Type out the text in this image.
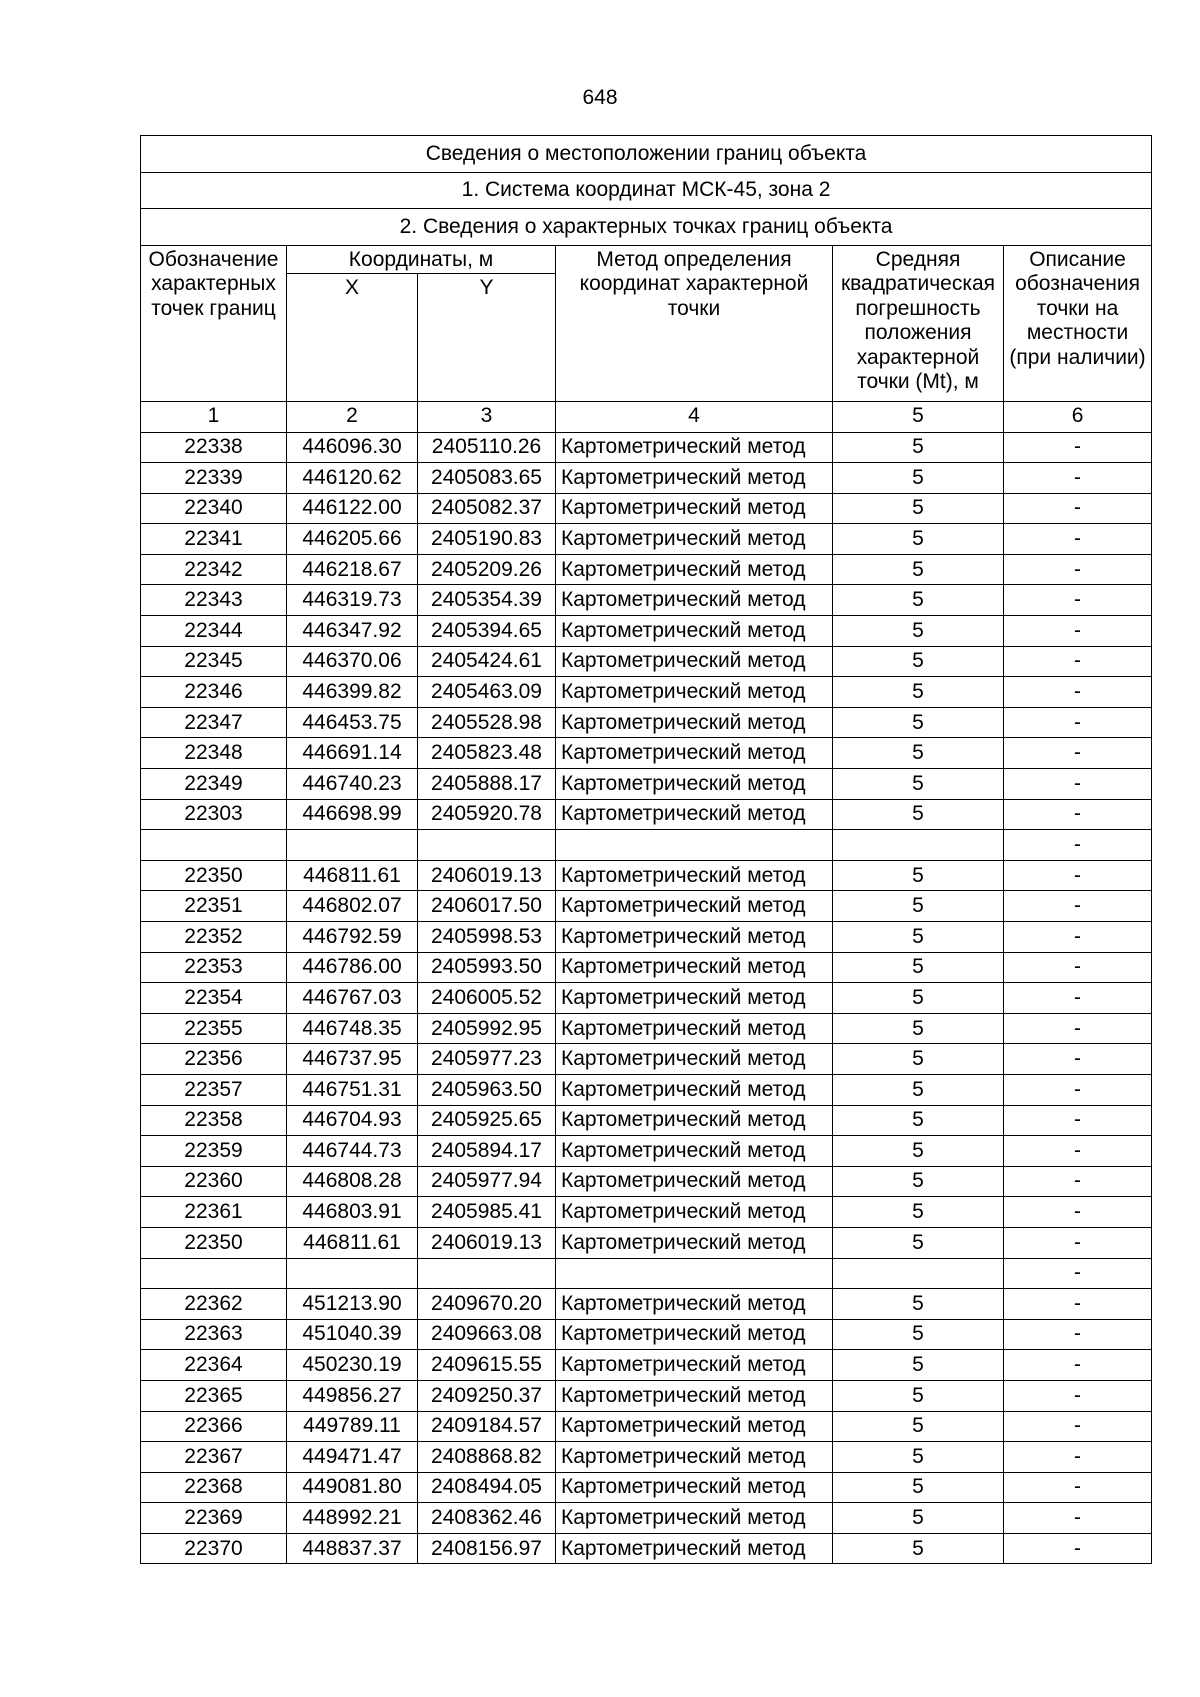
648
Сведения о местоположении границ объекта					
1. Система координат МСК-45, зона 2					
2. Сведения о характерных точках границ объекта					
Обозначение характерных точек границ	Координаты, м		Метод определения координат характерной точки	Средняя квадратическая погрешность положения характерной точки (Mt), м	Описание обозначения точки на местности (при наличии)
	X	Y			
1	2	3	4	5	6
22338	446096.30	2405110.26	Картометрический метод	5	-
22339	446120.62	2405083.65	Картометрический метод	5	-
22340	446122.00	2405082.37	Картометрический метод	5	-
22341	446205.66	2405190.83	Картометрический метод	5	-
22342	446218.67	2405209.26	Картометрический метод	5	-
22343	446319.73	2405354.39	Картометрический метод	5	-
22344	446347.92	2405394.65	Картометрический метод	5	-
22345	446370.06	2405424.61	Картометрический метод	5	-
22346	446399.82	2405463.09	Картометрический метод	5	-
22347	446453.75	2405528.98	Картометрический метод	5	-
22348	446691.14	2405823.48	Картометрический метод	5	-
22349	446740.23	2405888.17	Картометрический метод	5	-
22303	446698.99	2405920.78	Картометрический метод	5	-
					-
22350	446811.61	2406019.13	Картометрический метод	5	-
22351	446802.07	2406017.50	Картометрический метод	5	-
22352	446792.59	2405998.53	Картометрический метод	5	-
22353	446786.00	2405993.50	Картометрический метод	5	-
22354	446767.03	2406005.52	Картометрический метод	5	-
22355	446748.35	2405992.95	Картометрический метод	5	-
22356	446737.95	2405977.23	Картометрический метод	5	-
22357	446751.31	2405963.50	Картометрический метод	5	-
22358	446704.93	2405925.65	Картометрический метод	5	-
22359	446744.73	2405894.17	Картометрический метод	5	-
22360	446808.28	2405977.94	Картометрический метод	5	-
22361	446803.91	2405985.41	Картометрический метод	5	-
22350	446811.61	2406019.13	Картометрический метод	5	-
					-
22362	451213.90	2409670.20	Картометрический метод	5	-
22363	451040.39	2409663.08	Картометрический метод	5	-
22364	450230.19	2409615.55	Картометрический метод	5	-
22365	449856.27	2409250.37	Картометрический метод	5	-
22366	449789.11	2409184.57	Картометрический метод	5	-
22367	449471.47	2408868.82	Картометрический метод	5	-
22368	449081.80	2408494.05	Картометрический метод	5	-
22369	448992.21	2408362.46	Картометрический метод	5	-
22370	448837.37	2408156.97	Картометрический метод	5	-
